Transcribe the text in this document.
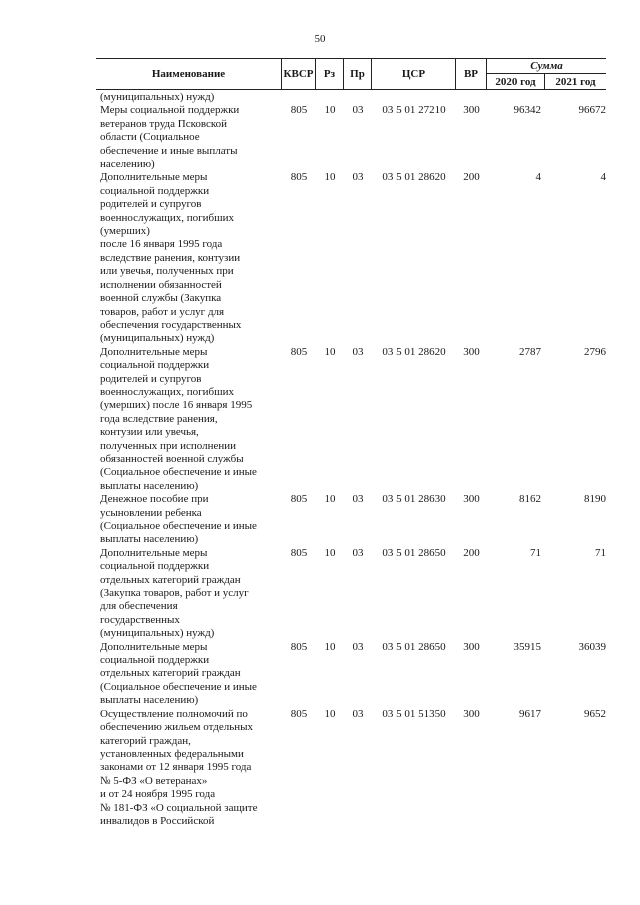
50
Наименование	КВСР Рз	Пр	ЦСР	ВР
Сумма
2020 год	2021 год
(муниципальных) нужд)
Меры социальной поддержки
ветеранов труда Псковской
области (Социальное
обеспечение и иные выплаты
населению)
805	10	03	03 5 01 27210	300	96342	96672
Дополнительные меры
социальной поддержки
родителей и супругов
военнослужащих, погибших
(умерших)
после 16 января 1995 года
вследствие ранения, контузии
или увечья, полученных при
исполнении обязанностей
военной службы (Закупка
товаров, работ и услуг для
обеспечения государственных
(муниципальных) нужд)
805	10	03	03 5 01 28620	200	4	4
Дополнительные меры
социальной поддержки
родителей и супругов
военнослужащих, погибших
(умерших) после 16 января 1995
года вследствие ранения,
контузии или увечья,
полученных при исполнении
обязанностей военной службы
(Социальное обеспечение и иные
выплаты населению)
805	10	03	03 5 01 28620	300	2787	2796
Денежное пособие при
усыновлении ребенка
(Социальное обеспечение и иные
выплаты населению)
805	10	03	03 5 01 28630	300	8162	8190
Дополнительные меры
социальной поддержки
отдельных категорий граждан
(Закупка товаров, работ и услуг
для обеспечения
государственных
(муниципальных) нужд)
805	10	03	03 5 01 28650	200	71	71
Дополнительные меры
социальной поддержки
отдельных категорий граждан
(Социальное обеспечение и иные
выплаты населению)
805	10	03	03 5 01 28650	300	35915	36039
Осуществление полномочий по
обеспечению жильем отдельных
категорий граждан,
установленных федеральными
законами от 12 января 1995 года
№ 5-ФЗ «О ветеранах»
и от 24 ноября 1995 года
№ 181-ФЗ «О социальной защите
инвалидов в Российской
805	10	03	03 5 01 51350	300	9617	9652
